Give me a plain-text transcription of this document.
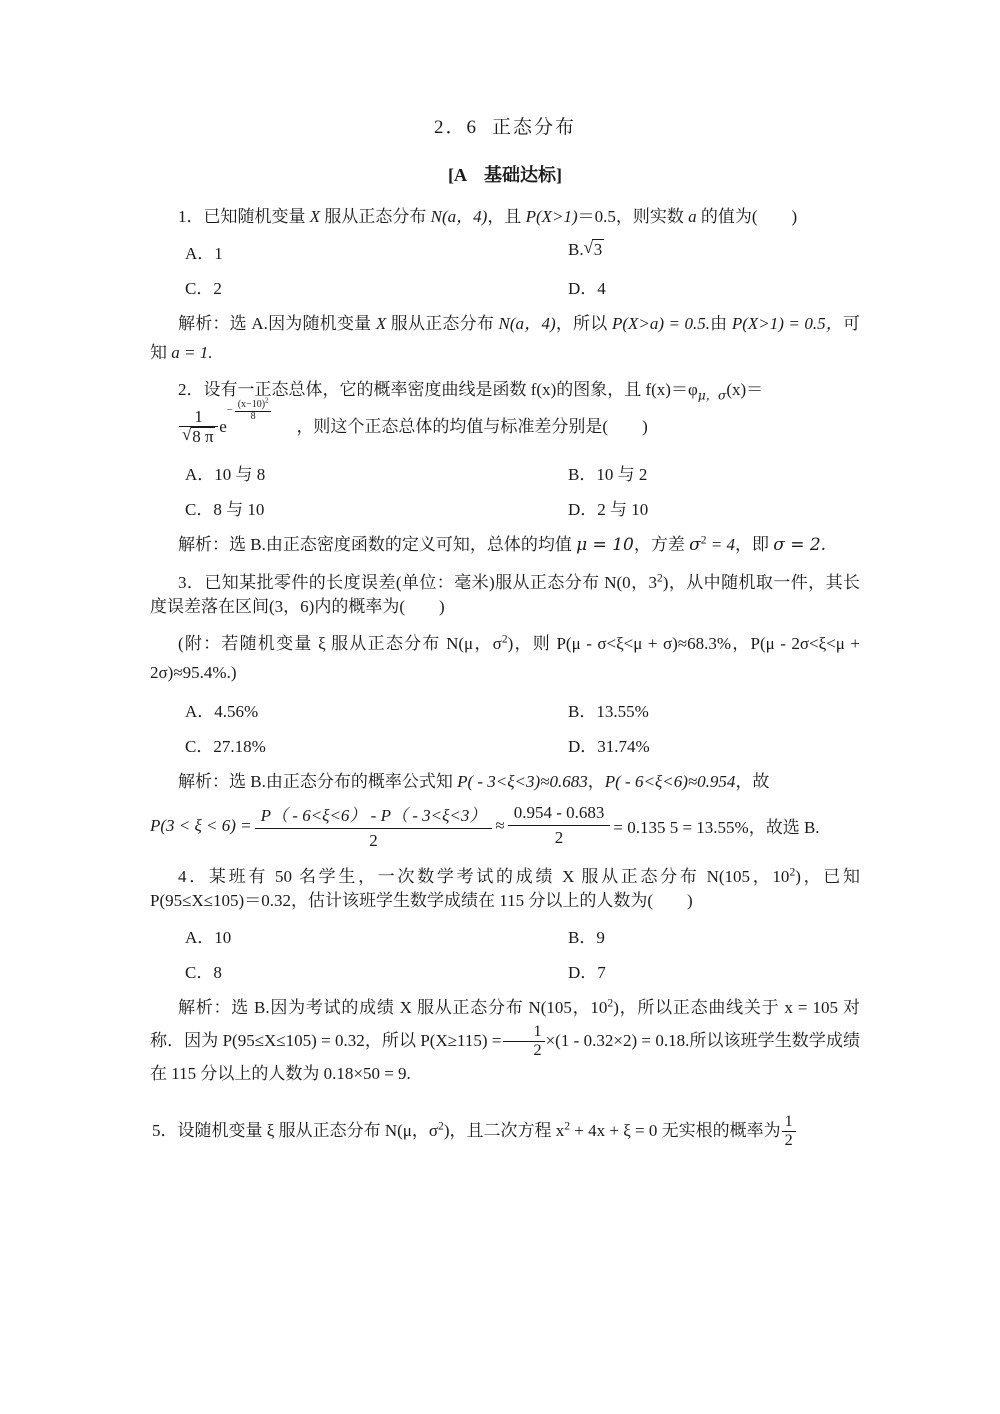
2．6 正态分布
[A　基础达标]

1．已知随机变量 X 服从正态分布 N(a，4)，且 P(X>1)＝0.5，则实数 a 的值为(　　)

A．1	B. √ 3
C．2	D．4

解析：选 A.因为随机变量 X 服从正态分布 N(a，4)，所以 P(X>a) = 0.5.由 P(X>1) = 0.5，可知 a = 1.

2．设有一正态总体，它的概率密度曲线是函数 f(x)的图象，且 $f(x)=\varphi_{\mu,\sigma}(x)=$

1
√ 8 π e
− $\frac{(x-10)^2}{8}$
，则这个正态总体的均值与标准差分别是(　　)
A．10 与 8	B．10 与 2
C．8 与 10	D．2 与 10

解析：选 B.由正态密度函数的定义可知，总体的均值 μ = 10，方差 $\sigma^2 = 4$，即 σ = 2.

3．已知某批零件的长度误差(单位：毫米)服从正态分布 N(0，$3^2$)，从中随机取一件，其长度误差落在区间(3，6)内的概率为(　　)

(附：若随机变量 ξ 服从正态分布 N(μ，$\sigma^2$)，则 P(μ - σ<ξ<μ + σ)≈68.3%，P(μ - 2σ<ξ<μ + 2σ)≈95.4%.)

A．4.56%	B．13.55%
C．27.18%	D．31.74%

解析：选 B.由正态分布的概率公式知 P( - 3<ξ<3)≈0.683，P( - 6<ξ<6)≈0.954，故

$P(3 < \xi < 6) = \frac{P( - 6<\xi<6) - P( - 3<\xi<3)}{2} \approx \frac{0.954 - 0.683}{2} = 0.135$ 5 = 13.55%，故选 B.

4．某班有 50 名学生，一次数学考试的成绩 X 服从正态分布 N(105，$10^2$)，已知P(95≤X≤105)＝0.32，估计该班学生数学成绩在 115 分以上的人数为(　　)

A．10	B．9
C．8	D．7

解析：选 B.因为考试的成绩 X 服从正态分布 N(105，$10^2$)，所以正态曲线关于 x = 105 对称．因为 P(95≤X≤105) = 0.32，所以 $P(X\ge 115) = \frac{1}{2} \times(1 - 0.32\times 2) = 0.18$.所以该班学生数学成绩在 115 分以上的人数为 0.18×50 = 9.

5．设随机变量 ξ 服从正态分布 N(μ，$\sigma^2$)，且二次方程 $x^2 + 4x + \xi = 0$ 无实根的概率为 $\frac{1}{2}$
